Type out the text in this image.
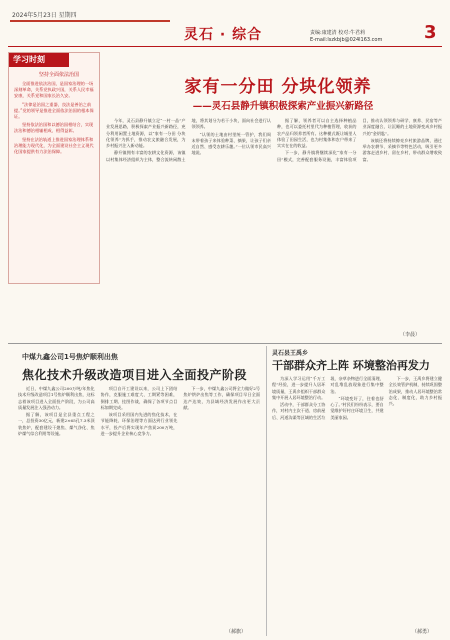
2024年5月23日 星期四
灵石 · 综合	责编:康建清 校对:牛君莉
E-mail:lszkbjb@024l163.com 3
学习时刻
坚持全面依法治国

全面推进依法治国，是国家治理的一场深刻革命，关系党执政兴国，关系人民幸福安康，关系党和国家长治久安。

“法律是治国之重器，良法是善治之前提。”党的领导是推进全面依法治国的根本保证。

坚持依法治国和以德治国相结合，实现法治和德治相辅相成、相得益彰。

坚持在法治轨道上推进国家治理体系和治理能力现代化，为全面建设社会主义现代化国家提供有力法治保障。

家有一分田 分块化领养
——灵石县静升镇积极探索产业振兴新路径

今年，灵石县静升镇立足“一村一品”产业发展思路，积极探索产业振兴新路径，充分利用闲置土地资源，以“家有一分田 分块化领养”为抓手，推动农文旅融合发展，为乡村振兴注入新动能。

静升镇拥有丰富的农耕文化资源，该镇以村集体经济组织为主体，整合流转闲散土地，将其划分为若干小块，面向社会进行认领领养。

“认领的土地由村里统一管护，我们周末带着孩子来体验种菜、摘果，让孩子们亲近自然、感受农耕乐趣。”一位认领市民高兴地说。

据了解，领养者可以自主选择种植品种，也可以委托村里代为种植管理，收获的农产品归领养者所有。这种模式既让城里人体验了田园生活，也为村集体和农户带来了实实在在的收益。

下一步，静升镇将继续深化“家有一分田”模式，完善配套服务设施，丰富体验项目，推动认领领养与研学、康养、民宿等产业深度融合，让沉睡的土地资源变成乡村振兴的“金钥匙”。

该镇还将持续擦亮乡村旅游品牌，通过举办农耕节、采摘节等特色活动，吸引更多游客走进乡村、留在乡村，带动群众增收致富。

（李晨）
中煤九鑫公司1号焦炉顺利出焦
焦化技术升级改造项目进入全面投产阶段

近日，中煤九鑫公司200万吨/年焦化技术升级改造项目1号焦炉顺利出焦，这标志着该项目进入全面投产阶段，为公司高质量发展注入强劲动力。

据了解，该项目是全县重点工程之一，总投资30亿元，新建2×65孔7.3米顶装焦炉，配套建设干熄焦、煤气净化、焦炉煤气综合利用等设施。

项目自开工建设以来，公司上下团结协作，克服施工难度大、工期紧等困难，倒排工期、挂图作战，确保了各项节点目标如期完成。

该项目采用国内先进的焦化技术，在节能降耗、环保治理等方面达到行业领先水平，投产后将实现年产焦炭200万吨，进一步提升企业核心竞争力。

下一步，中煤九鑫公司将全力做好2号焦炉烘炉出焦等工作，确保项目早日全面达产达效，为县域经济发展作出更大贡献。

（郝旗）
灵石县王禹乡
干部群众齐上阵 环境整治再发力

为深入学习运用“千万工程”经验，进一步提升人居环境质量，王禹乡组织干部群众集中开展人居环境整治行动。

活动中，干部群众分工协作，对村内主次干道、房前屋后、河道沟渠等区域的生活垃圾、杂草杂物进行全面清理，对乱堆乱放现象进行集中整治。

“环境变好了，住着也舒心了。”村民们纷纷表示，要自觉维护好村庄环境卫生，共建美丽家园。

下一步，王禹乡将建立健全长效管护机制，持续巩固整治成果，推动人居环境整治常态化、制度化，助力乡村振兴。

（郝勇）
